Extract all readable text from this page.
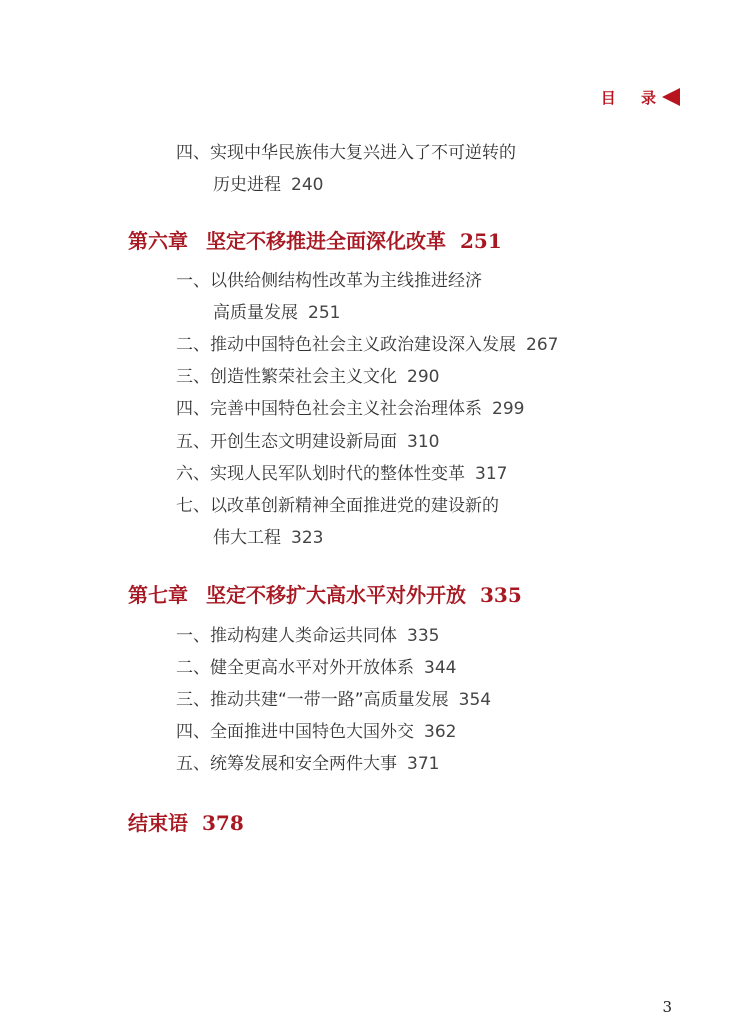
目 录
四、实现中华民族伟大复兴进入了不可逆转的
历史进程 240
第六章 坚定不移推进全面深化改革 251
一、以供给侧结构性改革为主线推进经济
高质量发展 251
二、推动中国特色社会主义政治建设深入发展 267
三、创造性繁荣社会主义文化 290
四、完善中国特色社会主义社会治理体系 299
五、开创生态文明建设新局面 310
六、实现人民军队划时代的整体性变革 317
七、以改革创新精神全面推进党的建设新的
伟大工程 323
第七章 坚定不移扩大高水平对外开放 335
一、推动构建人类命运共同体 335
二、健全更高水平对外开放体系 344
三、推动共建“一带一路”高质量发展 354
四、全面推进中国特色大国外交 362
五、统筹发展和安全两件大事 371
结束语 378
3
